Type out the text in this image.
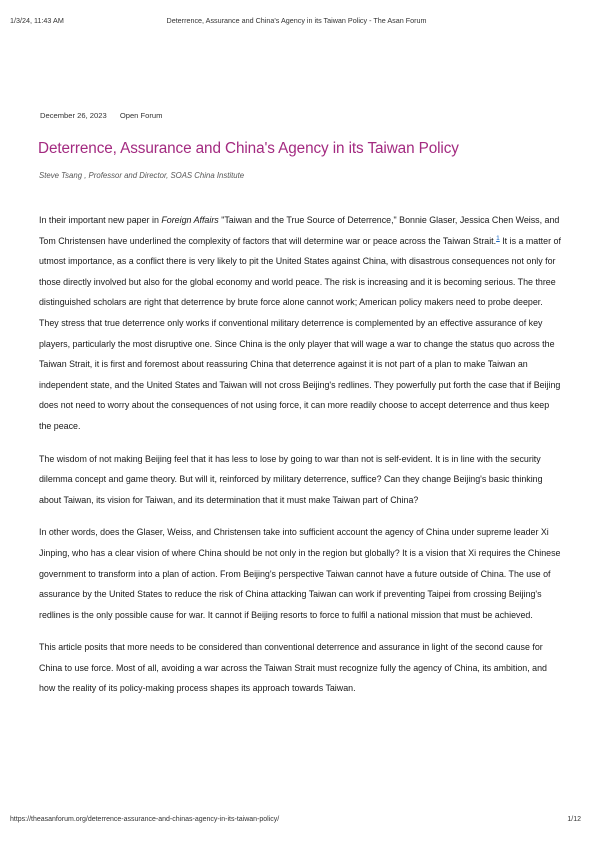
1/3/24, 11:43 AM	Deterrence, Assurance and China's Agency in its Taiwan Policy - The Asan Forum
December 26, 2023 Open Forum
Deterrence, Assurance and China's Agency in its Taiwan Policy
Steve Tsang , Professor and Director, SOAS China Institute

In their important new paper in Foreign Affairs "Taiwan and the True Source of Deterrence," Bonnie Glaser, Jessica Chen Weiss, and Tom Christensen have underlined the complexity of factors that will determine war or peace across the Taiwan Strait.$^1$ It is a matter of utmost importance, as a conflict there is very likely to pit the United States against China, with disastrous consequences not only for those directly involved but also for the global economy and world peace. The risk is increasing and it is becoming serious. The three distinguished scholars are right that deterrence by brute force alone cannot work; American policy makers need to probe deeper. They stress that true deterrence only works if conventional military deterrence is complemented by an effective assurance of key players, particularly the most disruptive one. Since China is the only player that will wage a war to change the status quo across the Taiwan Strait, it is first and foremost about reassuring China that deterrence against it is not part of a plan to make Taiwan an independent state, and the United States and Taiwan will not cross Beijing's redlines. They powerfully put forth the case that if Beijing does not need to worry about the consequences of not using force, it can more readily choose to accept deterrence and thus keep the peace.

The wisdom of not making Beijing feel that it has less to lose by going to war than not is self-evident. It is in line with the security dilemma concept and game theory. But will it, reinforced by military deterrence, suffice? Can they change Beijing's basic thinking about Taiwan, its vision for Taiwan, and its determination that it must make Taiwan part of China?

In other words, does the Glaser, Weiss, and Christensen take into sufficient account the agency of China under supreme leader Xi Jinping, who has a clear vision of where China should be not only in the region but globally? It is a vision that Xi requires the Chinese government to transform into a plan of action. From Beijing's perspective Taiwan cannot have a future outside of China. The use of assurance by the United States to reduce the risk of China attacking Taiwan can work if preventing Taipei from crossing Beijing's redlines is the only possible cause for war. It cannot if Beijing resorts to force to fulfil a national mission that must be achieved.

This article posits that more needs to be considered than conventional deterrence and assurance in light of the second cause for China to use force. Most of all, avoiding a war across the Taiwan Strait must recognize fully the agency of China, its ambition, and how the reality of its policy-making process shapes its approach towards Taiwan.

https://theasanforum.org/deterrence-assurance-and-chinas-agency-in-its-taiwan-policy/	1/12
